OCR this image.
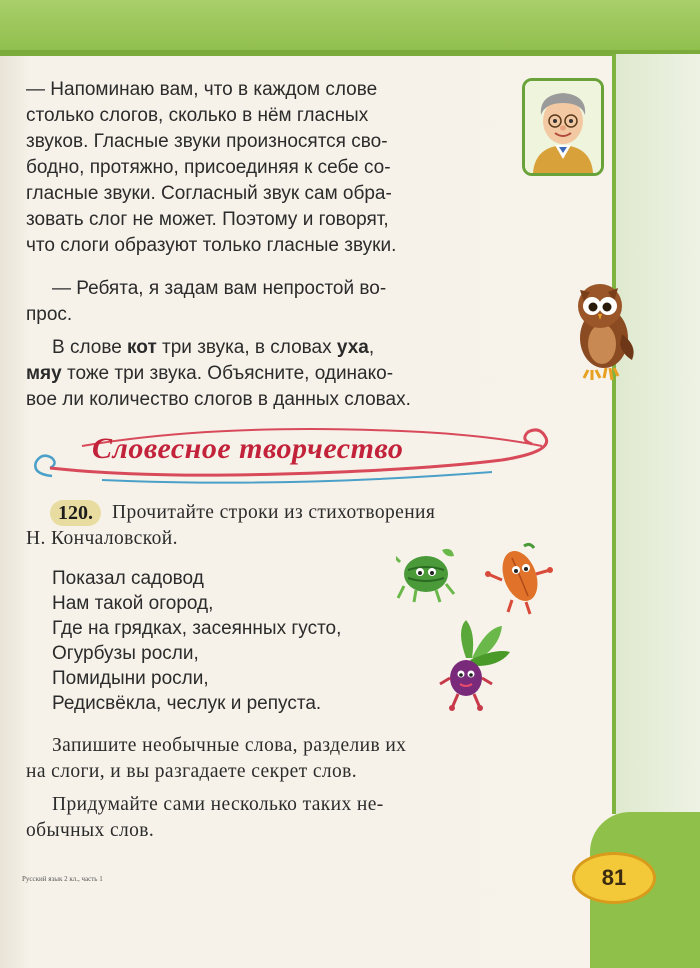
— Напоминаю вам, что в каждом слове
столько слогов, сколько в нём гласных
звуков. Гласные звуки произносятся сво-
бодно, протяжно, присоединяя к себе со-
гласные звуки. Согласный звук сам обра-
зовать слог не может. Поэтому и говорят,
что слоги образуют только гласные звуки.
— Ребята, я задам вам непростой во-
прос.
В слове кот три звука, в словах уха,
мяу тоже три звука. Объясните, одинако-
вое ли количество слогов в данных словах.
Словесное творчество
120. Прочитайте строки из стихотворения
Н. Кончаловской.
Показал садовод
Нам такой огород,
Где на грядках, засеянных густо,
Огурбузы росли,
Помидыни росли,
Редисвёкла, чеслук и репуста.
Запишите необычные слова, разделив их
на слоги, и вы разгадаете секрет слов.
Придумайте сами несколько таких не-
обычных слов.
Русский язык 2 кл., часть 1	81
